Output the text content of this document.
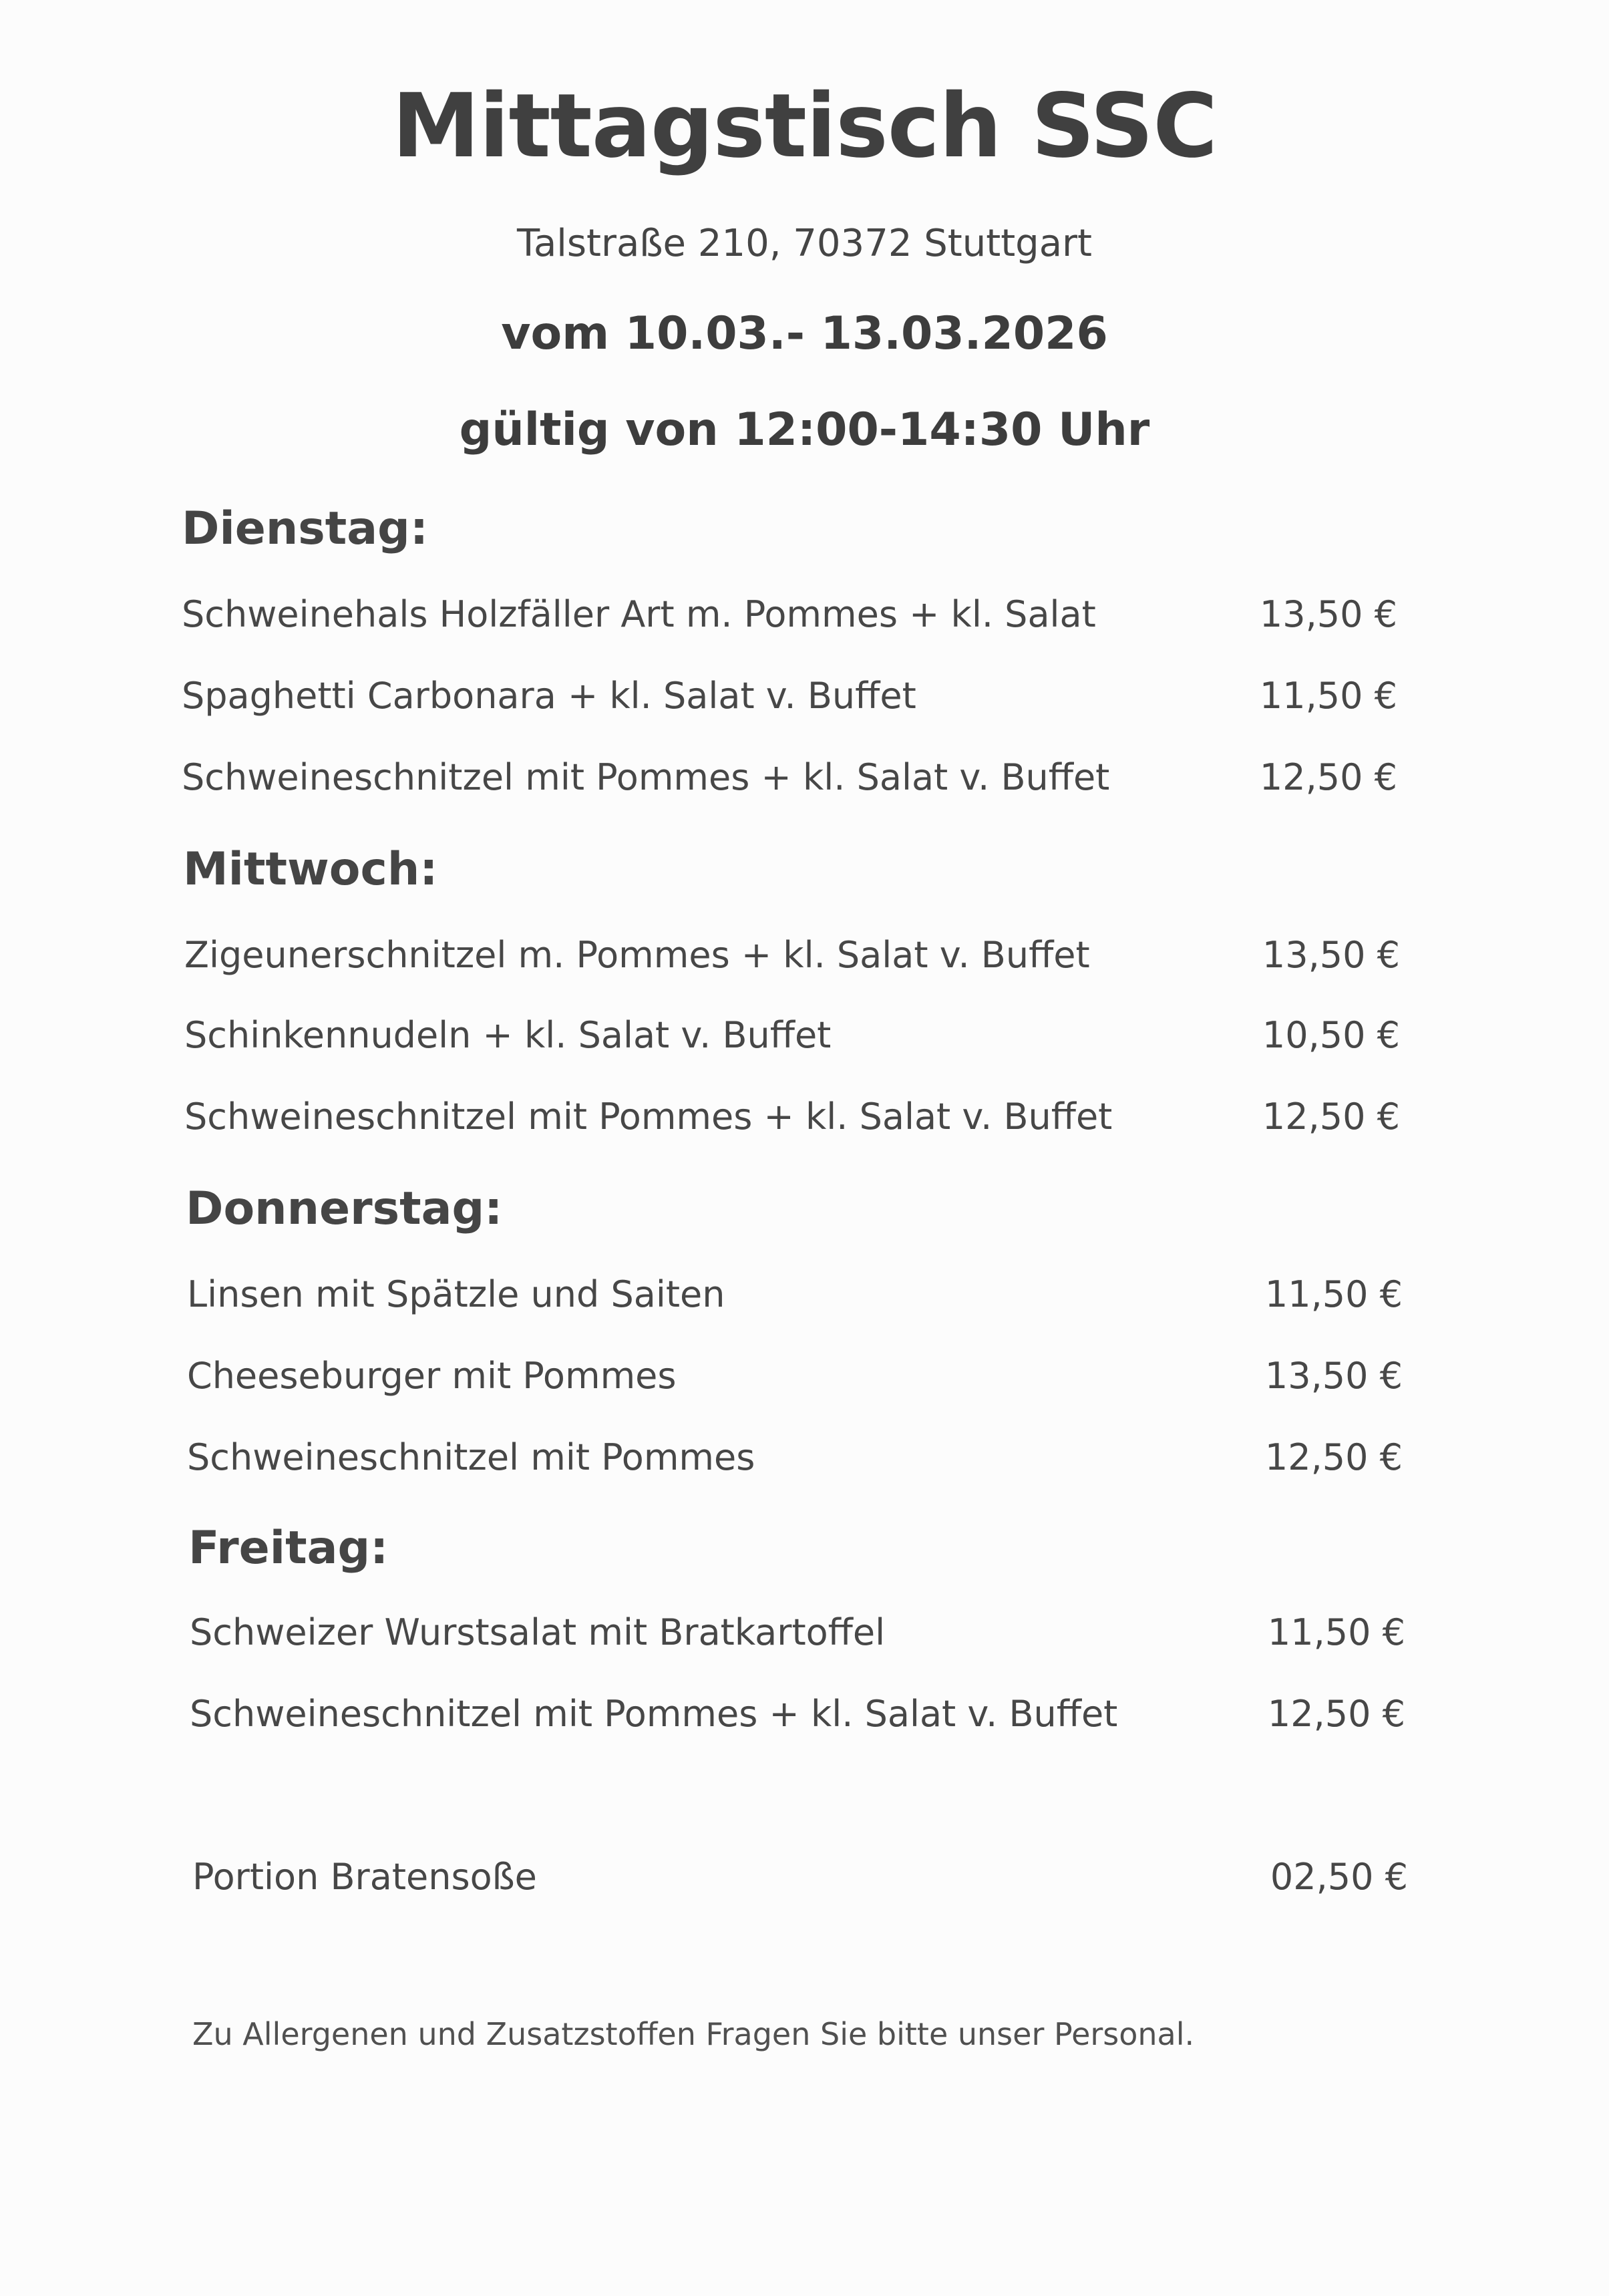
Mittagstisch SSC
Talstraße 210, 70372 Stuttgart
vom 10.03.- 13.03.2026
gültig von 12:00-14:30 Uhr
Dienstag:
Schweinehals Holzfäller Art m. Pommes + kl. Salat	13,50 €
Spaghetti Carbonara + kl. Salat v. Buffet	11,50 €
Schweineschnitzel mit Pommes + kl. Salat v. Buffet	12,50 €
Mittwoch:
Zigeunerschnitzel m. Pommes + kl. Salat v. Buffet	13,50 €
Schinkennudeln + kl. Salat v. Buffet	10,50 €
Schweineschnitzel mit Pommes + kl. Salat v. Buffet	12,50 €
Donnerstag:
Linsen mit Spätzle und Saiten	11,50 €
Cheeseburger mit Pommes	13,50 €
Schweineschnitzel mit Pommes	12,50 €
Freitag:
Schweizer Wurstsalat mit Bratkartoffel	11,50 €
Schweineschnitzel mit Pommes + kl. Salat v. Buffet	12,50 €
Portion Bratensoße	02,50 €
Zu Allergenen und Zusatzstoffen Fragen Sie bitte unser Personal.
